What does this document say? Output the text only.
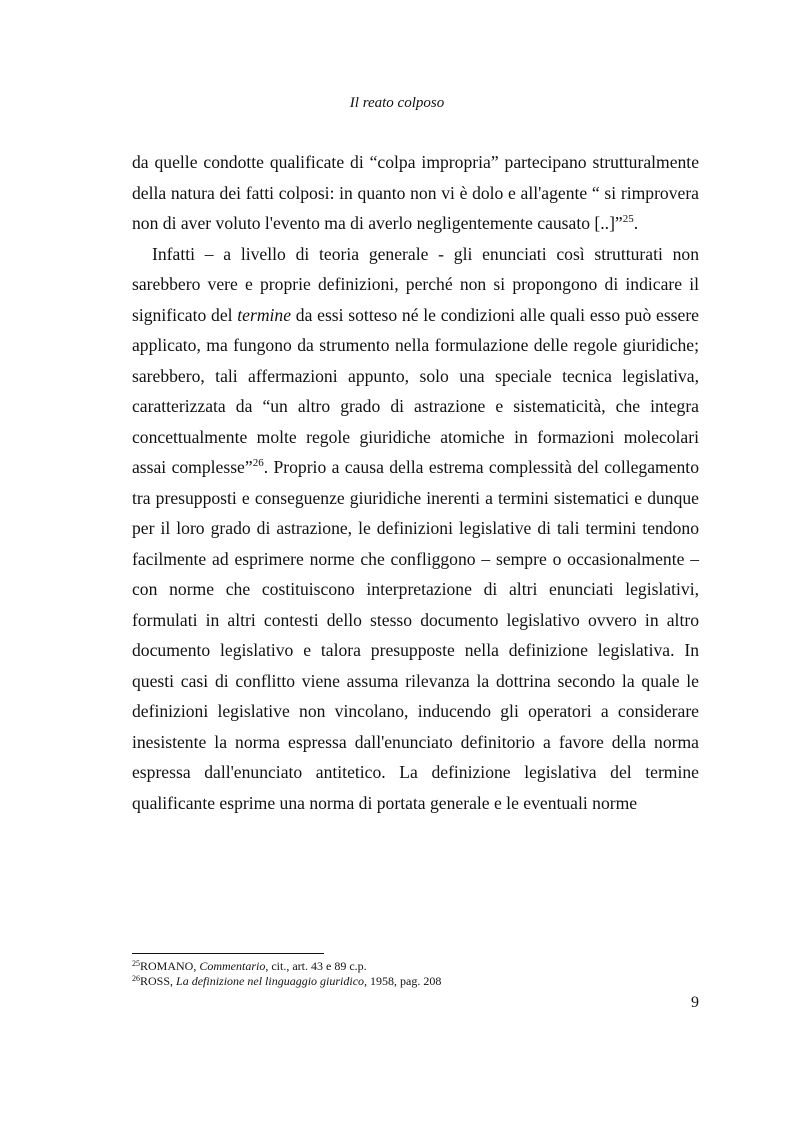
Il reato colposo

da quelle condotte qualificate di “colpa impropria” partecipano strutturalmente della natura dei fatti colposi: in quanto non vi è dolo e all'agente “ si rimprovera non di aver voluto l'evento ma di averlo negligentemente causato [..]”$^{25}$.

Infatti – a livello di teoria generale - gli enunciati così strutturati non sarebbero vere e proprie definizioni, perché non si propongono di indicare il significato del termine da essi sotteso né le condizioni alle quali esso può essere applicato, ma fungono da strumento nella formulazione delle regole giuridiche; sarebbero, tali affermazioni appunto, solo una speciale tecnica legislativa, caratterizzata da “un altro grado di astrazione e sistematicità, che integra concettualmente molte regole giuridiche atomiche in formazioni molecolari assai complesse”$^{26}$. Proprio a causa della estrema complessità del collegamento tra presupposti e conseguenze giuridiche inerenti a termini sistematici e dunque per il loro grado di astrazione, le definizioni legislative di tali termini tendono facilmente ad esprimere norme che confliggono – sempre o occasionalmente – con norme che costituiscono interpretazione di altri enunciati legislativi, formulati in altri contesti dello stesso documento legislativo ovvero in altro documento legislativo e talora presupposte nella definizione legislativa. In questi casi di conflitto viene assuma rilevanza la dottrina secondo la quale le definizioni legislative non vincolano, inducendo gli operatori a considerare inesistente la norma espressa dall'enunciato definitorio a favore della norma espressa dall'enunciato antitetico. La definizione legislativa del termine qualificante esprime una norma di portata generale e le eventuali norme

$^{25}$ROMANO, Commentario, cit., art. 43 e 89 c.p.
$^{26}$ROSS, La definizione nel linguaggio giuridico, 1958, pag. 208
9
